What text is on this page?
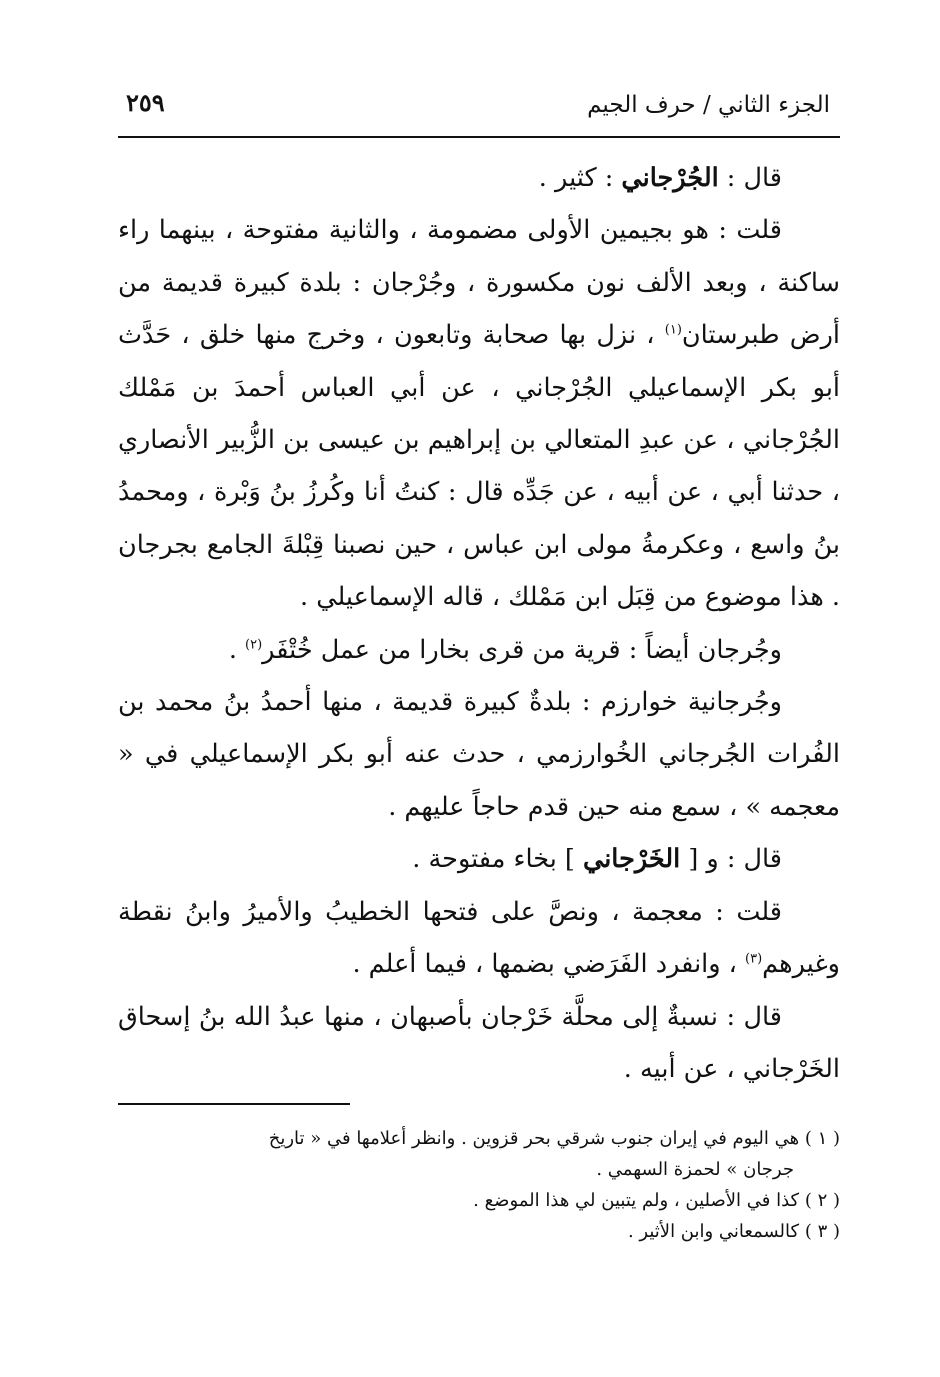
الجزء الثاني / حرف الجيم
٢٥٩

قال : الجُرْجاني : كثير .

قلت : هو بجيمين الأولى مضمومة ، والثانية مفتوحة ، بينهما راء ساكنة ، وبعد الألف نون مكسورة ، وجُرْجان : بلدة كبيرة قديمة من أرض طبرستان$^{(١)}$ ، نزل بها صحابة وتابعون ، وخرج منها خلق ، حَدَّث أبو بكر الإسماعيلي الجُرْجاني ، عن أبي العباس أحمدَ بن مَمْلك الجُرْجاني ، عن عبدِ المتعالي بن إبراهيم بن عيسى بن الزُّبير الأنصاري ، حدثنا أبي ، عن أبيه ، عن جَدِّه قال : كنتُ أنا وكُرزُ بنُ وَبْرة ، ومحمدُ بنُ واسع ، وعكرمةُ مولى ابن عباس ، حين نصبنا قِبْلةَ الجامع بجرجان . هذا موضوع من قِبَل ابن مَمْلك ، قاله الإسماعيلي .

وجُرجان أيضاً : قرية من قرى بخارا من عمل خُتْفَر$^{(٢)}$ .

وجُرجانية خوارزم : بلدةٌ كبيرة قديمة ، منها أحمدُ بنُ محمد بن الفُرات الجُرجاني الخُوارزمي ، حدث عنه أبو بكر الإسماعيلي في « معجمه » ، سمع منه حين قدم حاجاً عليهم .

قال : و [ الخَرْجاني ] بخاء مفتوحة .

قلت : معجمة ، ونصَّ على فتحها الخطيبُ والأميرُ وابنُ نقطة وغيرهم$^{(٣)}$ ، وانفرد الفَرَضي بضمها ، فيما أعلم .

قال : نسبةٌ إلى محلَّة خَرْجان بأصبهان ، منها عبدُ الله بنُ إسحاق الخَرْجاني ، عن أبيه .

( ١ ) هي اليوم في إيران جنوب شرقي بحر قزوين . وانظر أعلامها في « تاريخ

جرجان » لحمزة السهمي .

( ٢ ) كذا في الأصلين ، ولم يتبين لي هذا الموضع .

( ٣ ) كالسمعاني وابن الأثير .
